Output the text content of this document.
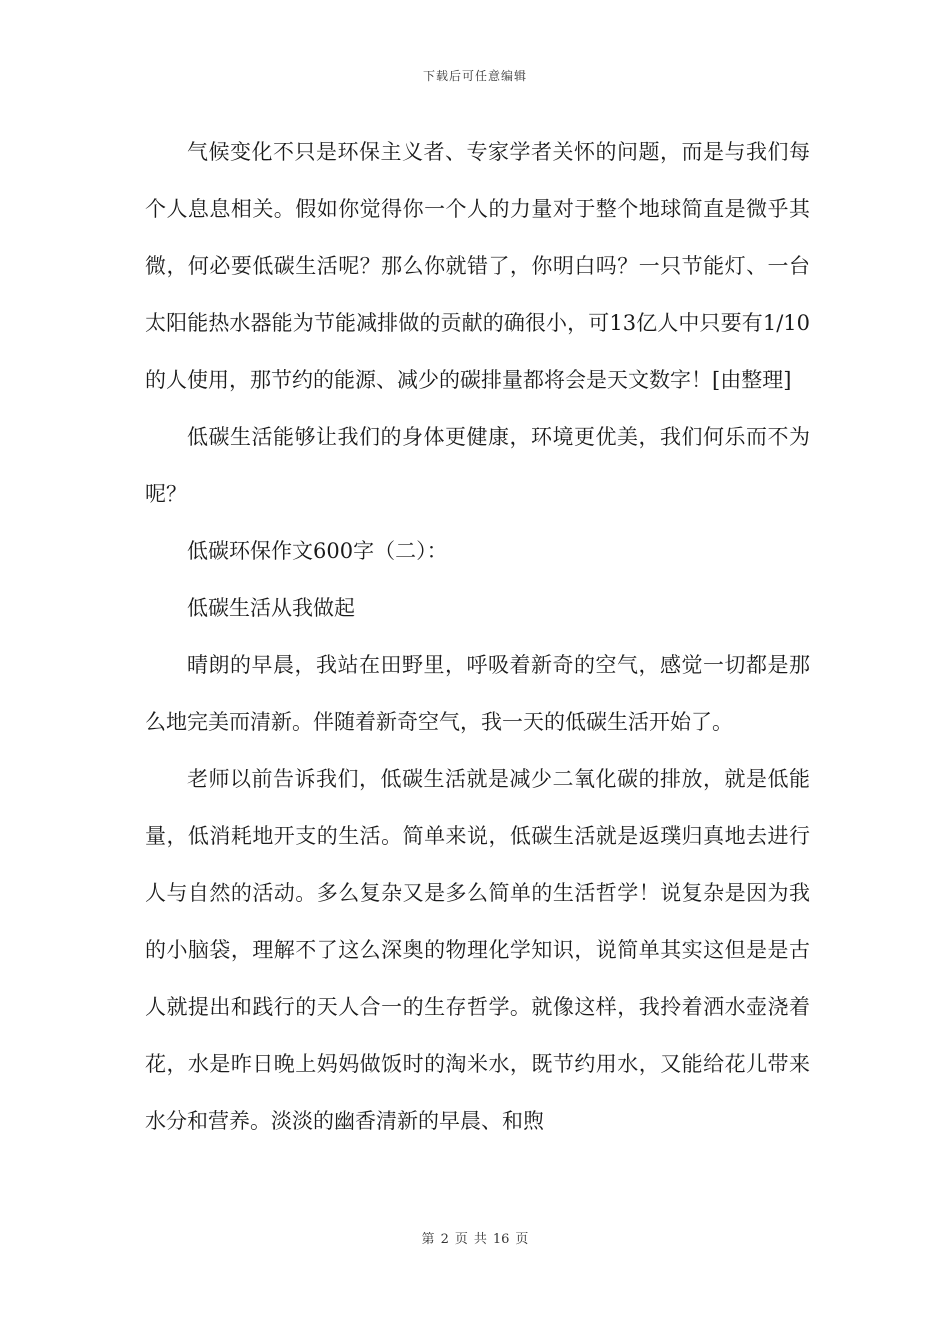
下载后可任意编辑

气候变化不只是环保主义者、专家学者关怀的问题，而是与我们每个人息息相关。假如你觉得你一个人的力量对于整个地球简直是微乎其微，何必要低碳生活呢？那么你就错了，你明白吗？一只节能灯、一台太阳能热水器能为节能减排做的贡献的确很小，可13亿人中只要有1/10的人使用，那节约的能源、减少的碳排量都将会是天文数字！[由整理]

低碳生活能够让我们的身体更健康，环境更优美，我们何乐而不为呢？

低碳环保作文600字（二）：

低碳生活从我做起

晴朗的早晨，我站在田野里，呼吸着新奇的空气，感觉一切都是那么地完美而清新。伴随着新奇空气，我一天的低碳生活开始了。

老师以前告诉我们，低碳生活就是减少二氧化碳的排放，就是低能量，低消耗地开支的生活。简单来说，低碳生活就是返璞归真地去进行人与自然的活动。多么复杂又是多么简单的生活哲学！说复杂是因为我的小脑袋，理解不了这么深奥的物理化学知识，说简单其实这但是是古人就提出和践行的天人合一的生存哲学。就像这样，我拎着洒水壶浇着花，水是昨日晚上妈妈做饭时的淘米水，既节约用水，又能给花儿带来水分和营养。淡淡的幽香清新的早晨、和煦

第 2 页 共 16 页
